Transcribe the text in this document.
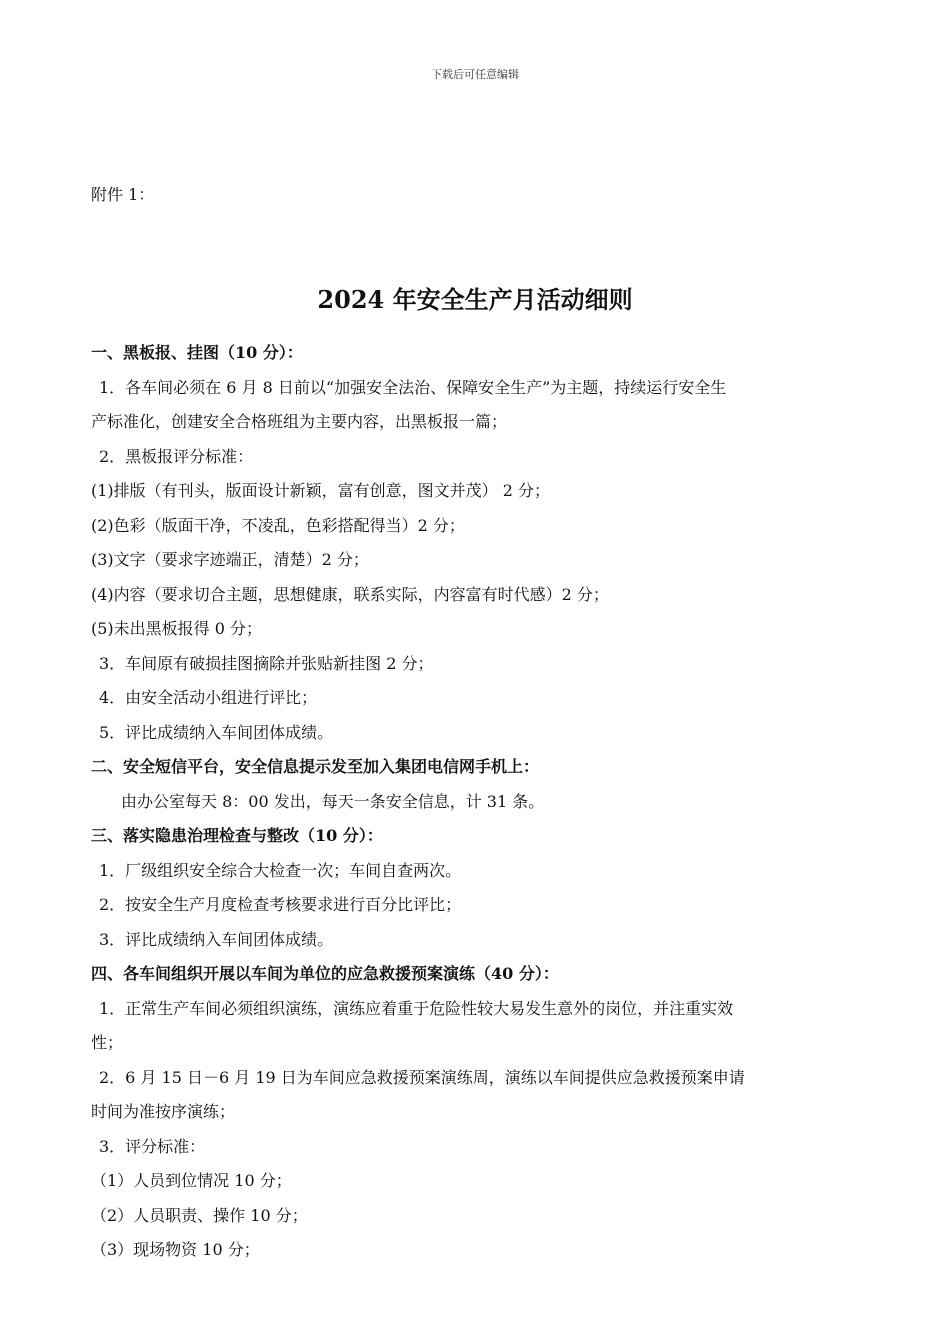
下载后可任意编辑
附件 1：
2024 年安全生产月活动细则
一、黑板报、挂图（10 分）：
1．各车间必须在 6 月 8 日前以“加强安全法治、保障安全生产”为主题，持续运行安全生
产标准化，创建安全合格班组为主要内容，出黑板报一篇；
2．黑板报评分标准：
(1)排版（有刊头，版面设计新颖，富有创意，图文并茂） 2 分；
(2)色彩（版面干净，不凌乱，色彩搭配得当）2 分；
(3)文字（要求字迹端正，清楚）2 分；
(4)内容（要求切合主题，思想健康，联系实际，内容富有时代感）2 分；
(5)未出黑板报得 0 分；
3．车间原有破损挂图摘除并张贴新挂图 2 分；
4．由安全活动小组进行评比；
5．评比成绩纳入车间团体成绩。
二、安全短信平台，安全信息提示发至加入集团电信网手机上：
由办公室每天 8：00 发出，每天一条安全信息，计 31 条。
三、落实隐患治理检查与整改（10 分）：
1．厂级组织安全综合大检查一次；车间自查两次。
2．按安全生产月度检查考核要求进行百分比评比；
3．评比成绩纳入车间团体成绩。
四、各车间组织开展以车间为单位的应急救援预案演练（40 分）：
1．正常生产车间必须组织演练，演练应着重于危险性较大易发生意外的岗位，并注重实效
性；
2．6 月 15 日－6 月 19 日为车间应急救援预案演练周，演练以车间提供应急救援预案申请
时间为准按序演练；
3．评分标准：
（1）人员到位情况 10 分；
（2）人员职责、操作 10 分；
（3）现场物资 10 分；
